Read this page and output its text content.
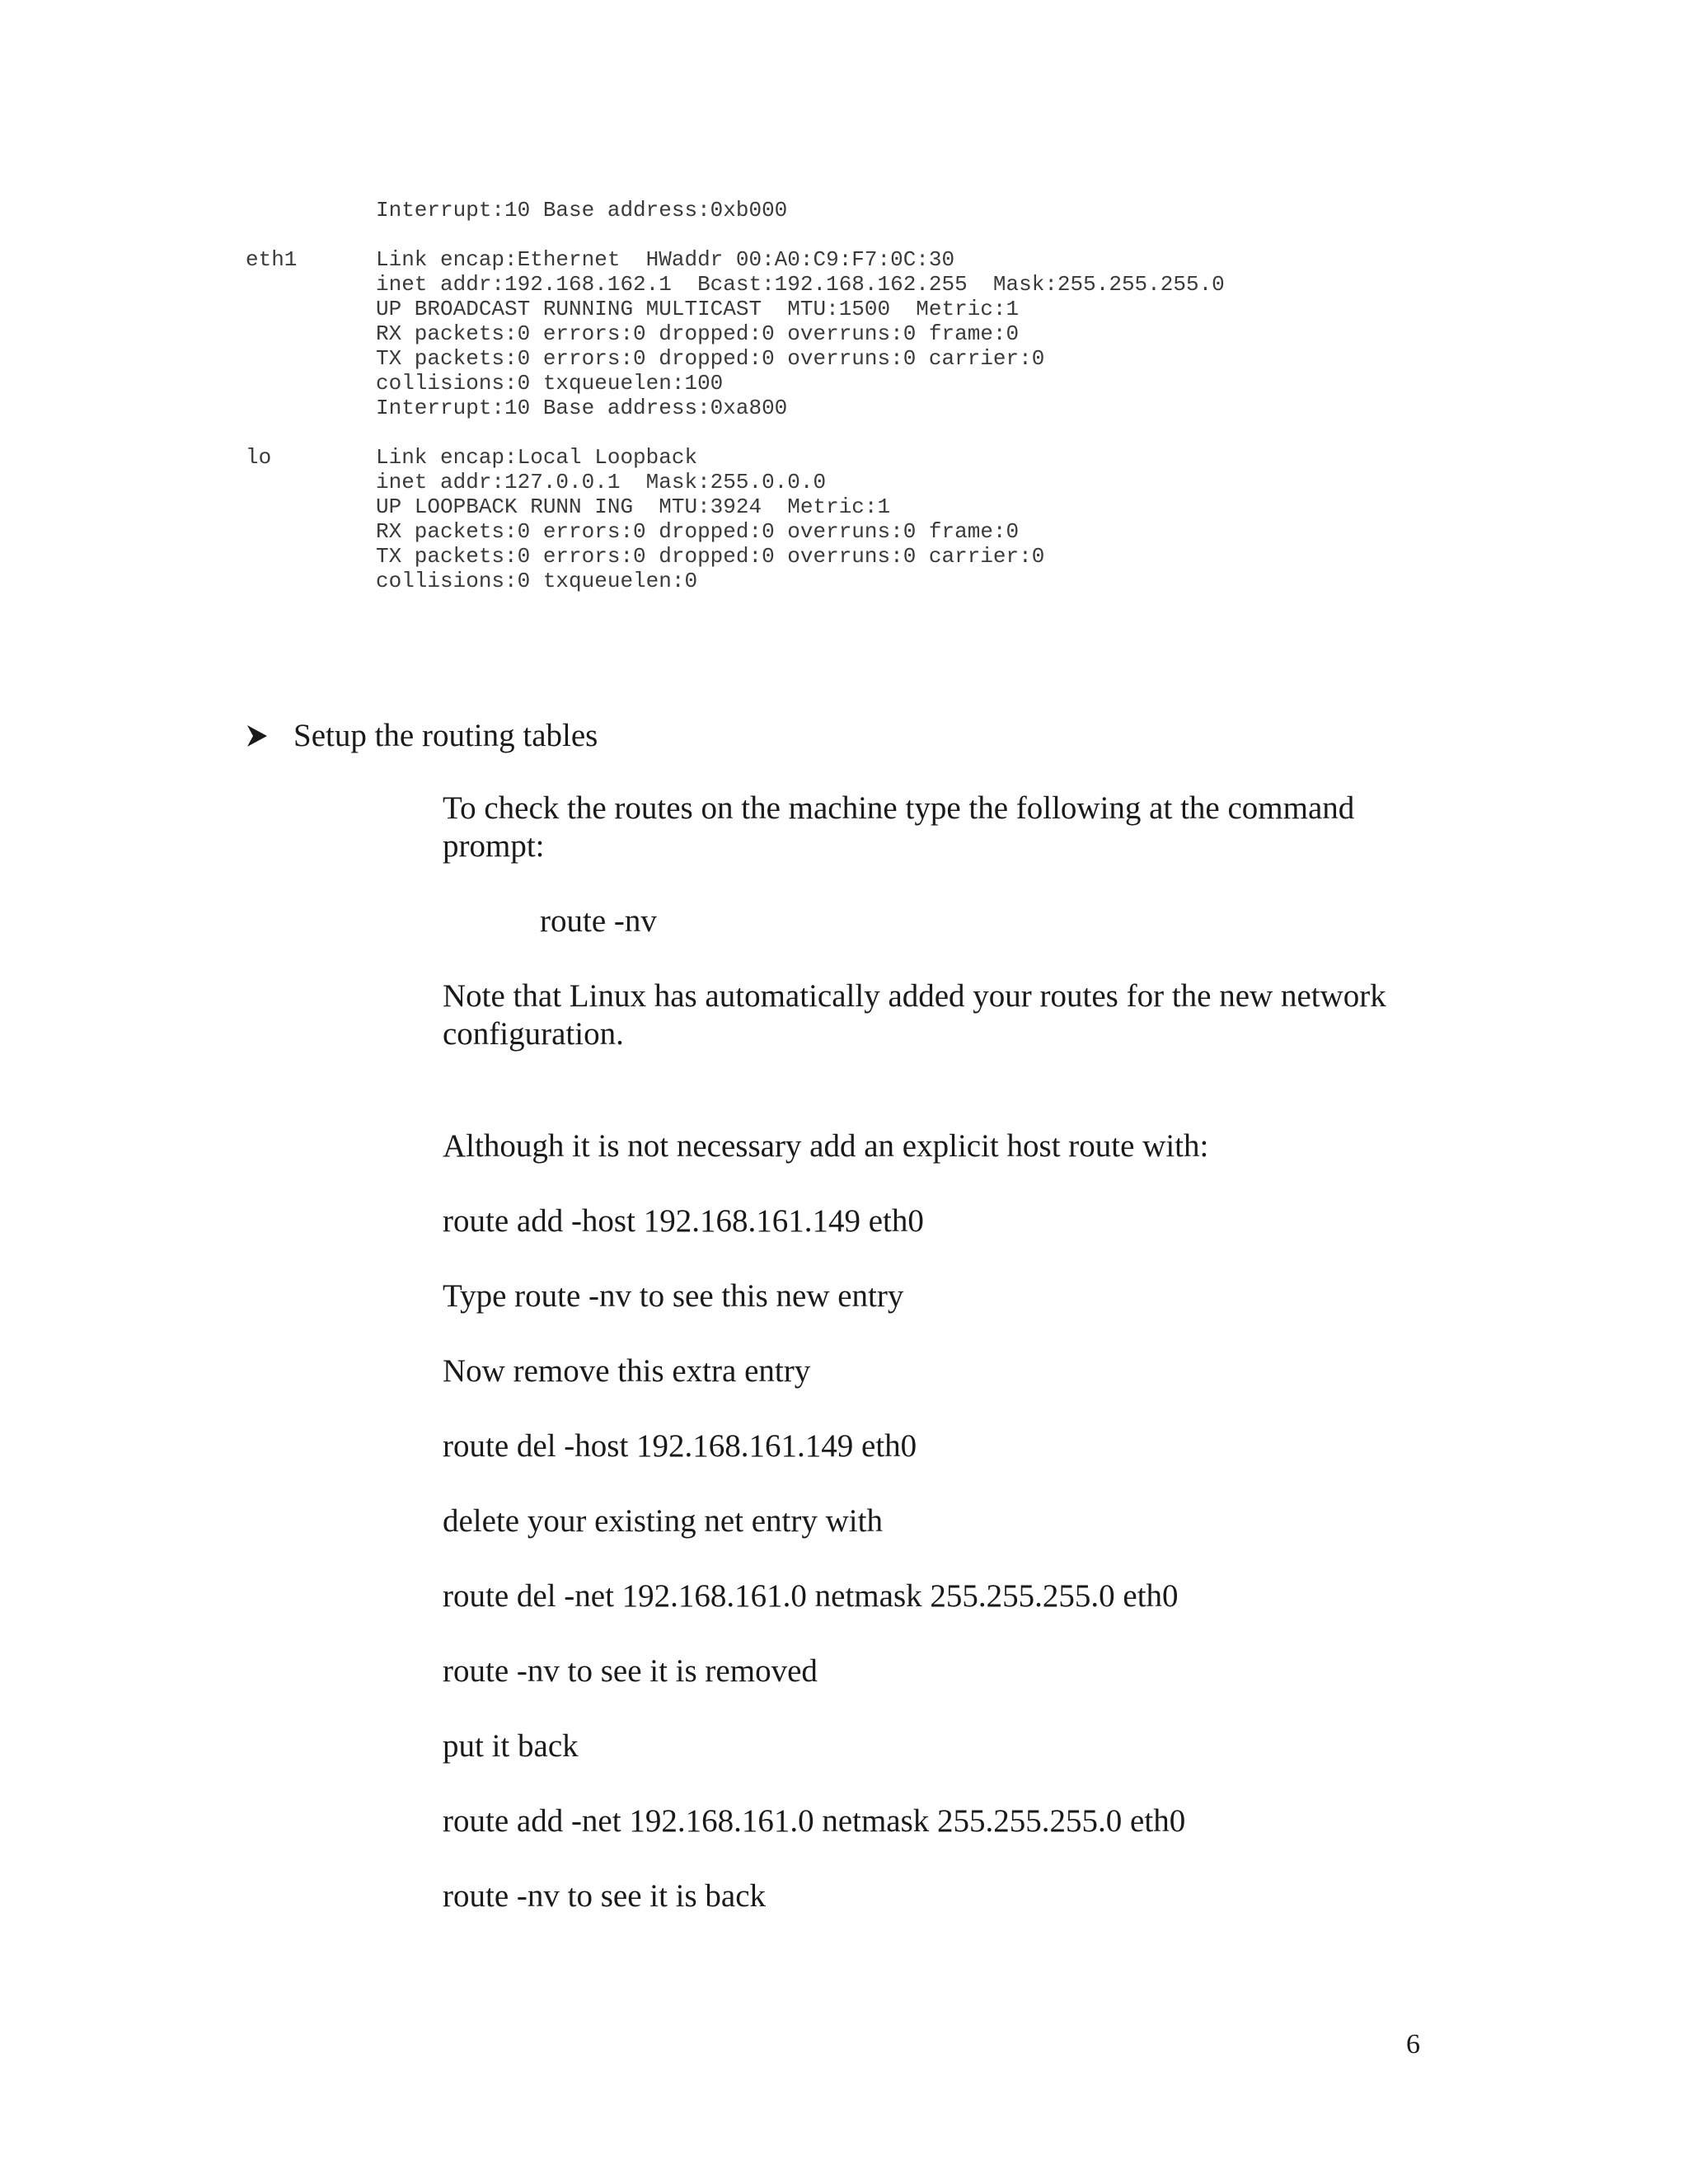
Interrupt:10 Base address:0xb000
eth1	Link encap:Ethernet  HWaddr 00:A0:C9:F7:0C:30
inet addr:192.168.162.1  Bcast:192.168.162.255  Mask:255.255.255.0
UP BROADCAST RUNNING MULTICAST  MTU:1500  Metric:1
RX packets:0 errors:0 dropped:0 overruns:0 frame:0
TX packets:0 errors:0 dropped:0 overruns:0 carrier:0
collisions:0 txqueuelen:100
Interrupt:10 Base address:0xa800
lo	Link encap:Local Loopback
inet addr:127.0.0.1  Mask:255.0.0.0
UP LOOPBACK RUNN ING  MTU:3924  Metric:1
RX packets:0 errors:0 dropped:0 overruns:0 frame:0
TX packets:0 errors:0 dropped:0 overruns:0 carrier:0
collisions:0 txqueuelen:0
Setup the routing tables
To check the routes on the machine type the following at the command prompt:
route -nv
Note that Linux has automatically added your routes for the new network configuration.
Although it is not necessary add an explicit host route with:
route add -host 192.168.161.149 eth0
Type route -nv to see this new entry
Now remove this extra entry
route del -host 192.168.161.149 eth0
delete your existing net entry with
route del -net 192.168.161.0 netmask 255.255.255.0 eth0
route -nv to see it is removed
put it back
route add -net 192.168.161.0 netmask 255.255.255.0 eth0
route -nv to see it is back
6
